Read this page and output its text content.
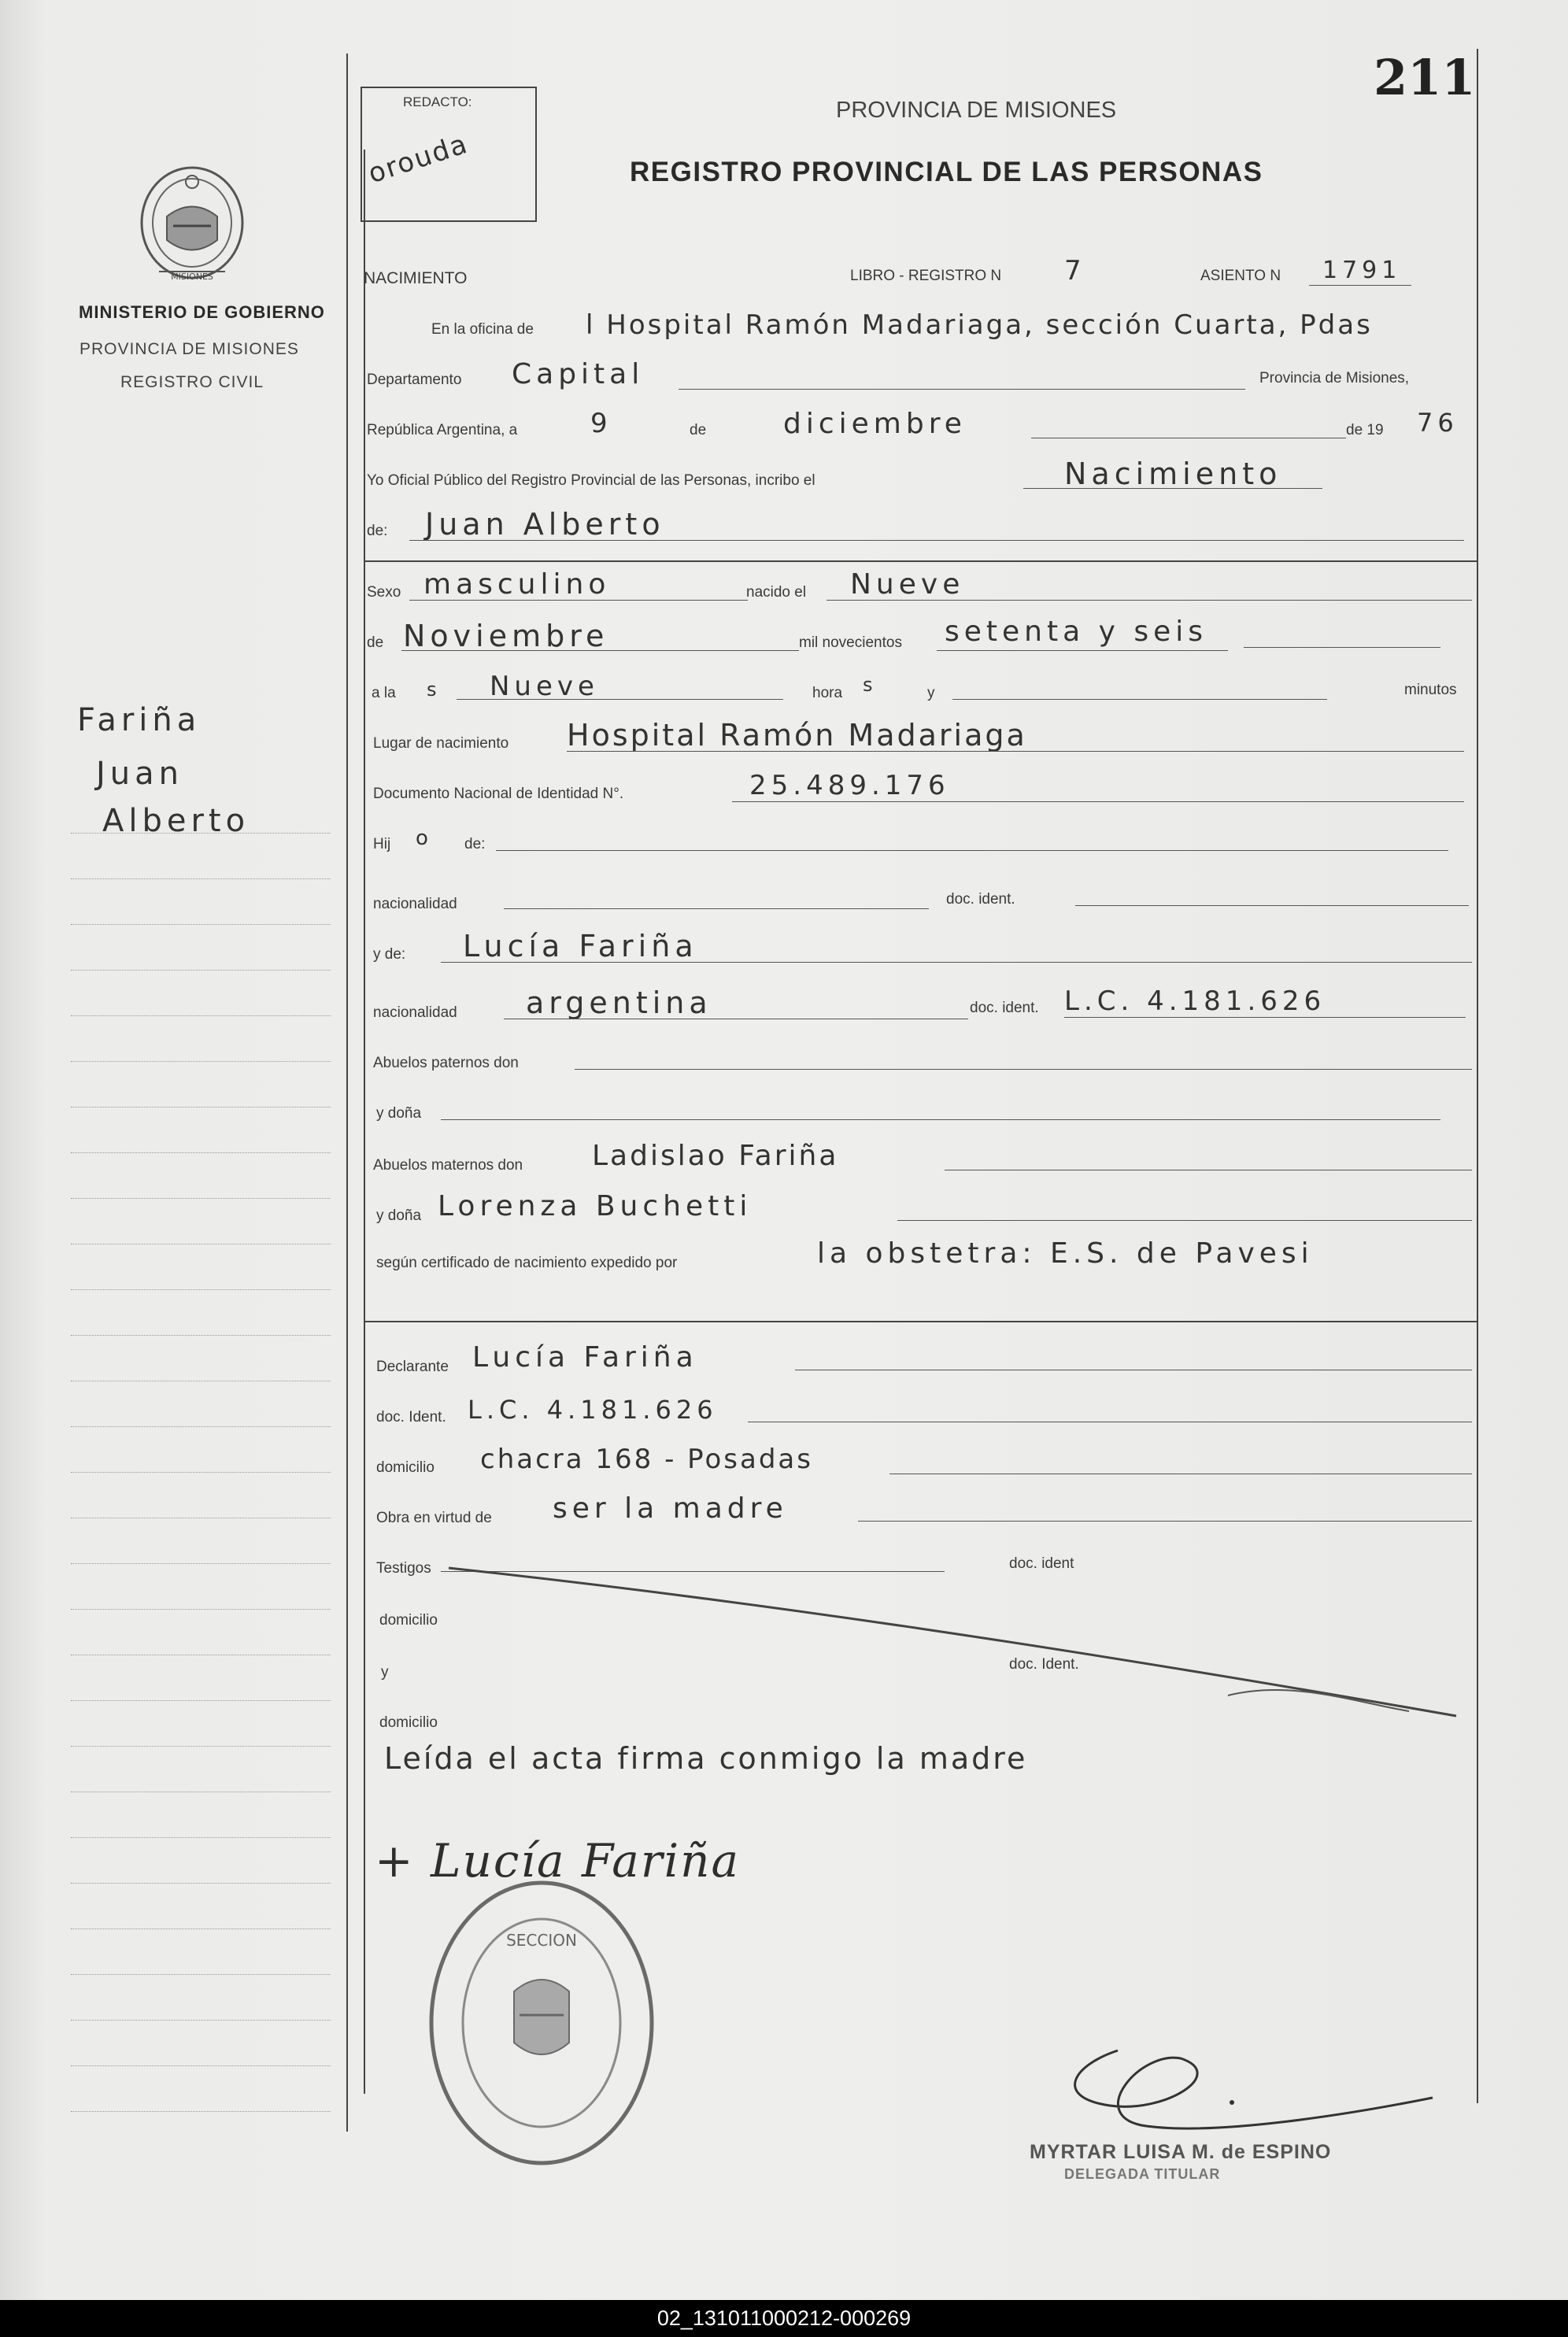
211
REDACTO:
orouda
PROVINCIA DE MISIONES
REGISTRO PROVINCIAL DE LAS PERSONAS
MISIONES
MINISTERIO DE GOBIERNO
PROVINCIA DE MISIONES
REGISTRO CIVIL
Fariña
Juan
Alberto
NACIMIENTO	LIBRO - REGISTRO N 7	ASIENTO N 1791
En la oficina de l Hospital Ramón Madariaga, sección Cuarta, Pdas
Departamento Capital	Provincia de Misiones,
República Argentina, a	9	de	diciembre	de 19 76
Yo Oficial Público del Registro Provincial de las Personas, incribo el	Nacimiento
de: Juan Alberto
Sexo masculino	nacido el Nueve
de Noviembre	mil novecientos setenta y seis
a la s Nueve	hora s	y	minutos
Lugar de nacimiento Hospital Ramón Madariaga
Documento Nacional de Identidad N°.	25.489.176
Hij o de:
nacionalidad	doc. ident.
y de: Lucía Fariña
nacionalidad argentina	doc. ident. L.C. 4.181.626
Abuelos paternos don
y doña
Abuelos maternos don Ladislao Fariña
y doña Lorenza Buchetti
según certificado de nacimiento expedido por	la obstetra: E.S. de Pavesi
Declarante Lucía Fariña
doc. Ident. L.C. 4.181.626
domicilio chacra 168 - Posadas
Obra en virtud de ser la madre
Testigos	doc. ident
domicilio
y	doc. Ident.
domicilio
Leída el acta firma conmigo la madre
+ Lucía Fariña
SECCION
MYRTAR LUISA M. de ESPINO
DELEGADA TITULAR
02_131011000212-000269
